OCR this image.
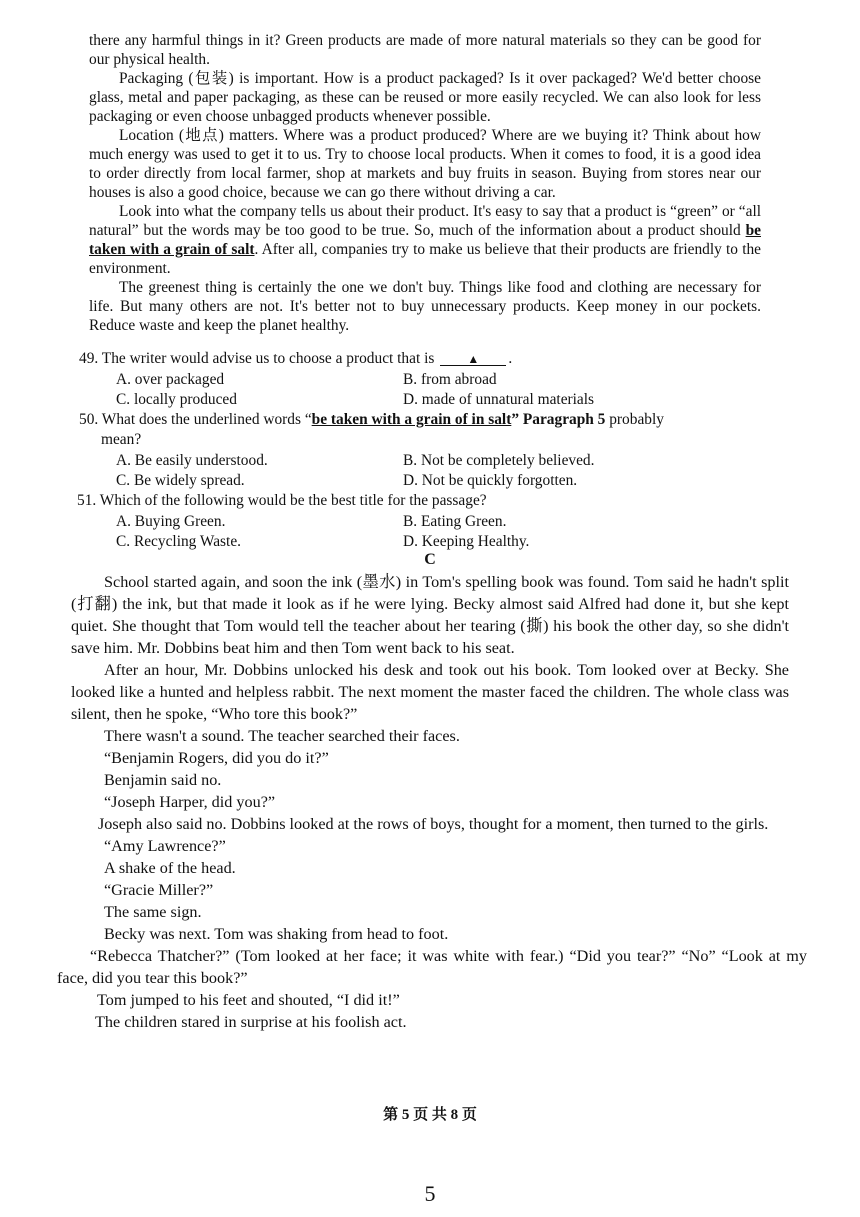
there any harmful things in it? Green products are made of more natural materials so they can be good for our physical health.

Packaging (包装) is important. How is a product packaged? Is it over packaged? We'd better choose glass, metal and paper packaging, as these can be reused or more easily recycled. We can also look for less packaging or even choose unbagged products whenever possible.

Location (地点) matters. Where was a product produced? Where are we buying it? Think about how much energy was used to get it to us. Try to choose local products. When it comes to food, it is a good idea to order directly from local farmer, shop at markets and buy fruits in season. Buying from stores near our houses is also a good choice, because we can go there without driving a car.

Look into what the company tells us about their product. It's easy to say that a product is “green” or “all natural” but the words may be too good to be true. So, much of the information about a product should be taken with a grain of salt. After all, companies try to make us believe that their products are friendly to the environment.

The greenest thing is certainly the one we don't buy. Things like food and clothing are necessary for life. But many others are not. It's better not to buy unnecessary products. Keep money in our pockets. Reduce waste and keep the planet healthy.

49. The writer would advise us to choose a product that is	▲ .

A. over packaged	B. from abroad
C. locally produced	D. made of unnatural materials

50. What does the underlined words “be taken with a grain of in salt” Paragraph 5 probably

mean?

A. Be easily understood.	B. Not be completely believed.
C. Be widely spread.	D. Not be quickly forgotten.

51. Which of the following would be the best title for the passage?

A. Buying Green.	B. Eating Green.
C. Recycling Waste.	D. Keeping Healthy.
C

School started again, and soon the ink (墨水) in Tom's spelling book was found. Tom said he hadn't split (打翻) the ink, but that made it look as if he were lying. Becky almost said Alfred had done it, but she kept quiet. She thought that Tom would tell the teacher about her tearing (撕) his book the other day, so she didn't save him. Mr. Dobbins beat him and then Tom went back to his seat.

After an hour, Mr. Dobbins unlocked his desk and took out his book. Tom looked over at Becky. She looked like a hunted and helpless rabbit. The next moment the master faced the children. The whole class was silent, then he spoke, “Who tore this book?”

There wasn't a sound. The teacher searched their faces.

“Benjamin Rogers, did you do it?”

Benjamin said no.

“Joseph Harper, did you?”

Joseph also said no. Dobbins looked at the rows of boys, thought for a moment, then turned to the girls.

“Amy Lawrence?”

A shake of the head.

“Gracie Miller?”

The same sign.

Becky was next. Tom was shaking from head to foot.

“Rebecca Thatcher?” (Tom looked at her face; it was white with fear.) “Did you tear?” “No” “Look at my face, did you tear this book?”

Tom jumped to his feet and shouted, “I did it!”

The children stared in surprise at his foolish act.

第 5 页 共 8 页
5
